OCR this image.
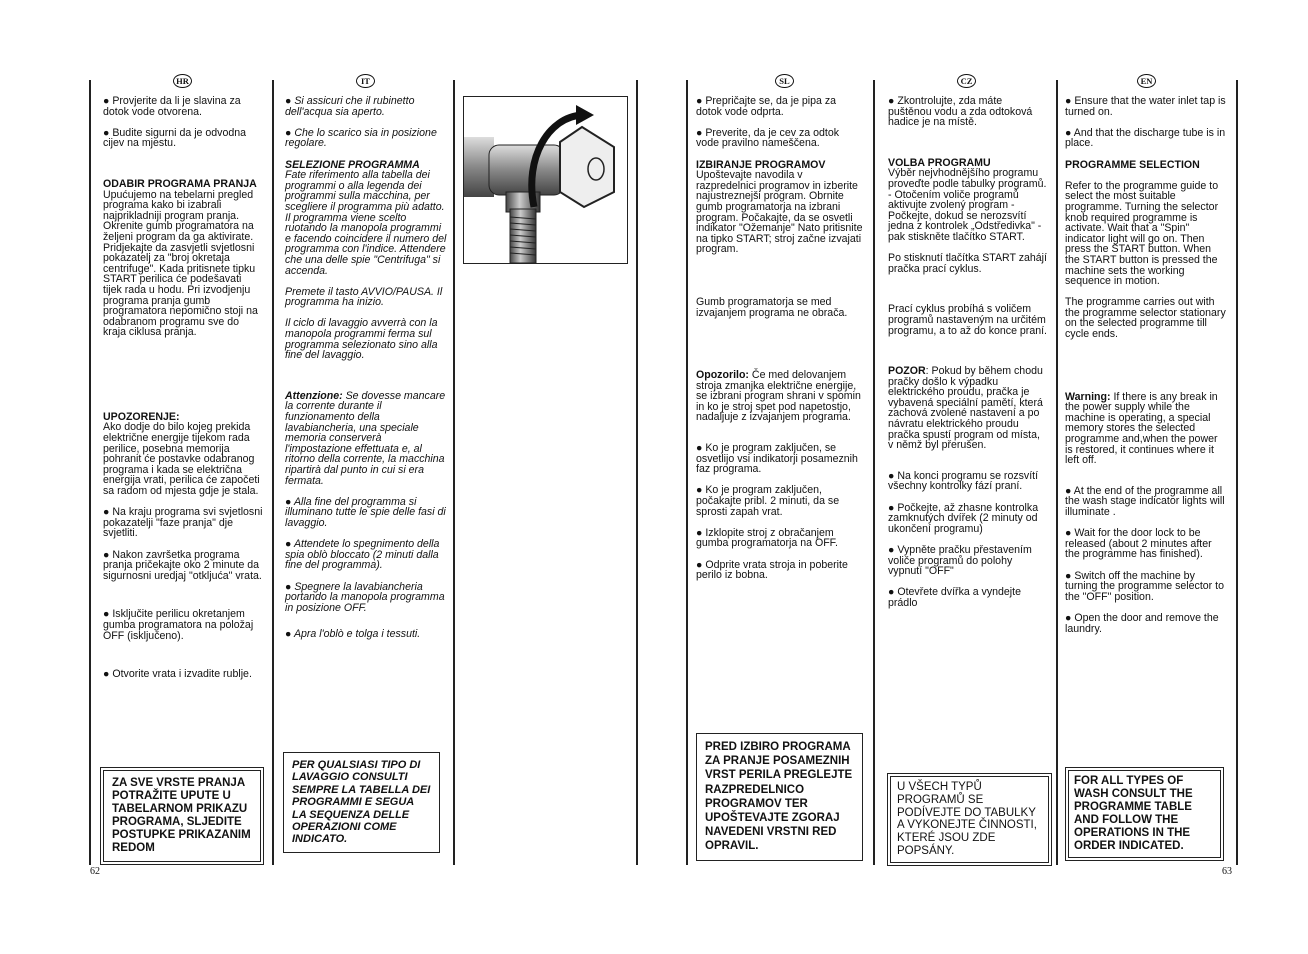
HR	IT	SL	CZ	EN

● Provjerite da li je slavina za dotok vode otvorena.

● Budite sigurni da je odvodna cijev na mjestu.

ODABIR PROGRAMA PRANJA

Upućujemo na tebelarni pregled programa kako bi izabrali najprikladniji program pranja. Okrenite gumb programatora na željeni program da ga aktivirate. Pridjekajte da zasvjetli svjetlosni pokazatelj za "broj okretaja centrifuge". Kada pritisnete tipku START perilica će podešavati tijek rada u hodu. Pri izvodjenju programa pranja gumb programatora nepomično stoji na odabranom programu sve do kraja ciklusa pranja.

UPOZORENJE:

Ako dodje do bilo kojeg prekida električne energije tijekom rada perilice, posebna memorija pohranit će postavke odabranog programa i kada se električna energija vrati, perilica će započeti sa radom od mjesta gdje je stala.

● Na kraju programa svi svjetlosni pokazatelji "faze pranja" dje svjetliti.

● Nakon završetka programa pranja pričekajte oko 2 minute da sigurnosni uredjaj "otkljuća" vrata.

● Isključite perilicu okretanjem gumba programatora na položaj OFF (isključeno).

● Otvorite vrata i izvadite rublje.

ZA SVE VRSTE PRANJA POTRAŽITE UPUTE U TABELARNOM PRIKAZU PROGRAMA, SLJEDITE POSTUPKE PRIKAZANIM REDOM

● Si assicuri che il rubinetto dell'acqua sia aperto.

● Che lo scarico sia in posizione regolare.

SELEZIONE PROGRAMMA

Fate riferimento alla tabella dei programmi o alla legenda dei programmi sulla macchina, per scegliere il programma più adatto. Il programma viene scelto ruotando la manopola programmi e facendo coincidere il numero del programma con l'indice. Attendere che una delle spie "Centrifuga" si accenda.

Premete il tasto AVVIO/PAUSA. Il programma ha inizio.

Il ciclo di lavaggio avverrà con la manopola programmi ferma sul programma selezionato sino alla fine del lavaggio.

Attenzione: Se dovesse mancare la corrente durante il funzionamento della lavabiancheria, una speciale memoria conserverà l'impostazione effettuata e, al ritorno della corrente, la macchina ripartirà dal punto in cui si era fermata.

● Alla fine del programma si illuminano tutte le spie delle fasi di lavaggio.

● Attendete lo spegnimento della spia oblò bloccato (2 minuti dalla fine del programma).

● Spegnere la lavabiancheria portando la manopola programma in posizione OFF.

● Apra l'oblò e tolga i tessuti.

PER QUALSIASI TIPO DI LAVAGGIO CONSULTI SEMPRE LA TABELLA DEI PROGRAMMI E SEGUA LA SEQUENZA DELLE OPERAZIONI COME INDICATO.

● Prepričajte se, da je pipa za dotok vode odprta.

● Preverite, da je cev za odtok vode pravilno nameščena.

IZBIRANJE PROGRAMOV

Upoštevajte navodila v razpredelnici programov in izberite najustreznejši program. Obrnite gumb programatorja na izbrani program. Počakajte, da se osvetli indikator "Ožemanje" Nato pritisnite na tipko START; stroj začne izvajati program.

Gumb programatorja se med izvajanjem programa ne obrača.

Opozorilo: Če med delovanjem stroja zmanjka električne energije, se izbrani program shrani v spomin in ko je stroj spet pod napetostjo, nadaljuje z izvajanjem programa.

● Ko je program zaključen, se osvetlijo vsi indikatorji posameznih faz programa.

● Ko je program zaključen, počakajte pribl. 2 minuti, da se sprosti zapah vrat.

● Izklopite stroj z obračanjem gumba programatorja na OFF.

● Odprite vrata stroja in poberite perilo iz bobna.

PRED IZBIRO PROGRAMA ZA PRANJE POSAMEZNIH VRST PERILA PREGLEJTE RAZPREDELNICO PROGRAMOV TER UPOŠTEVAJTE ZGORAJ NAVEDENI VRSTNI RED OPRAVIL.

● Zkontrolujte, zda máte puštěnou vodu a zda odtoková hadice je na místě.

VOLBA PROGRAMU

Výběr nejvhodnějšího programu proveďte podle tabulky programů. - Otočením voliče programů aktivujte zvolený program - Počkejte, dokud se nerozsvítí jedna z kontrolek „Odstředivka" - pak stiskněte tlačítko START.

Po stisknutí tlačítka START zahájí pračka prací cyklus.

Prací cyklus probíhá s voličem programů nastaveným na určitém programu, a to až do konce praní.

POZOR: Pokud by během chodu pračky došlo k výpadku elektrického proudu, pračka je vybavená speciální pamětí, která zachová zvolené nastavení a po návratu elektrického proudu pračka spustí program od místa, v němž byl přerušen.

● Na konci programu se rozsvítí všechny kontrolky fází praní.

● Počkejte, až zhasne kontrolka zamknutých dvířek (2 minuty od ukončení programu)

● Vypněte pračku přestavením voliče programů do polohy vypnutí "OFF"

● Otevřete dvířka a vyndejte prádlo

U VŠECH TYPŮ PROGRAMŮ SE PODÍVEJTE DO TABULKY A VYKONEJTE ČINNOSTI, KTERÉ JSOU ZDE POPSÁNY.

● Ensure that the water inlet tap is turned on.

● And that the discharge tube is in place.

PROGRAMME SELECTION

Refer to the programme guide to select the most suitable programme. Turning the selector knob required programme is activate. Wait that a "Spin" indicator light will go on. Then press the START button. When the START button is pressed the machine sets the working sequence in motion.

The programme carries out with the programme selector stationary on the selected programme till cycle ends.

Warning: If there is any break in the power supply while the machine is operating, a special memory stores the selected programme and,when the power is restored, it continues where it left off.

● At the end of the programme all the wash stage indicator lights will illuminate .

● Wait for the door lock to be released (about 2 minutes after the programme has finished).

● Switch off the machine by turning the programme selector to the "OFF" position.

● Open the door and remove the laundry.

FOR ALL TYPES OF WASH CONSULT THE PROGRAMME TABLE AND FOLLOW THE OPERATIONS IN THE ORDER INDICATED.
62	63
